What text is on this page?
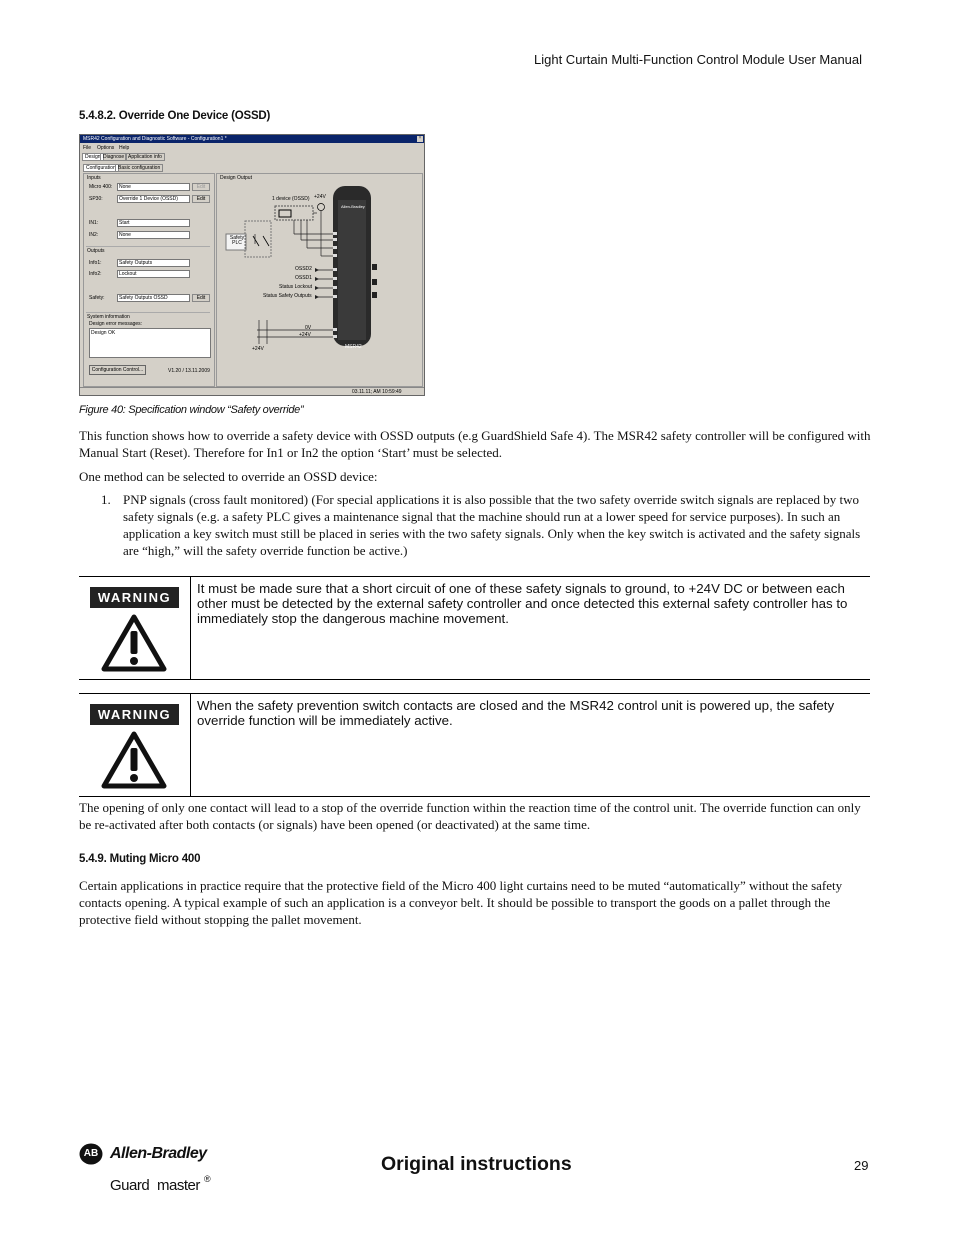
Light Curtain Multi-Function Control Module User Manual
5.4.8.2. Override One Device (OSSD)
MSR42 Configuration and Diagnostic Software - Configuration1 *	×
File Options Help
Design Diagnose Application info
Configuration Basic configuration
Inputs
Micro 400:	None	Edit
SP30:	Override 1 Device (OSSD)	Edit
IN1:	Start
IN2:	None
Outputs
Info1:	Safety Outputs
Info2:	Lockout
Safety:	Safety Outputs OSSD	Edit
System information
Design error messages:
Design OK
Configuration Control...	V1.20 / 13.11.2009
Design Output
1 device (OSSD) +24V
Safety PLC
OSSD2
OSSD1
Status Lockout
Status Safety Outputs
0V
+24V
+24V
Allen-Bradley
MSR42
03.11.11; AM 10:59:49
Figure 40: Specification window “Safety override”
This function shows how to override a safety device with OSSD outputs (e.g GuardShield Safe 4). The MSR42 safety controller will be configured with Manual Start (Reset). Therefore for In1 or In2 the option ‘Start’ must be selected.
One method can be selected to override an OSSD device:
1. PNP signals (cross fault monitored) (For special applications it is also possible that the two safety override switch signals are replaced by two safety signals (e.g. a safety PLC gives a maintenance signal that the machine should run at a lower speed for service purposes). In such an application a key switch must still be placed in series with the two safety signals. Only when the key switch is activated and the safety signals are “high,” will the safety override function be active.)
WARNING
It must be made sure that a short circuit of one of these safety signals to ground, to +24V DC or between each other must be detected by the external safety controller and once detected this external safety controller has to immediately stop the dangerous machine movement.
WARNING
When the safety prevention switch contacts are closed and the MSR42 control unit is powered up, the safety override function will be immediately active.
The opening of only one contact will lead to a stop of the override function within the reaction time of the control unit. The override function can only be re-activated after both contacts (or signals) have been opened (or deactivated) at the same time.
5.4.9. Muting Micro 400
Certain applications in practice require that the protective field of the Micro 400 light curtains need to be muted “automatically” without the safety contacts opening. A typical example of such an application is a conveyor belt. It should be possible to transport the goods on a pallet through the protective field without stopping the pallet movement.
AB Allen-Bradley
Guard master ®
Original instructions	29
